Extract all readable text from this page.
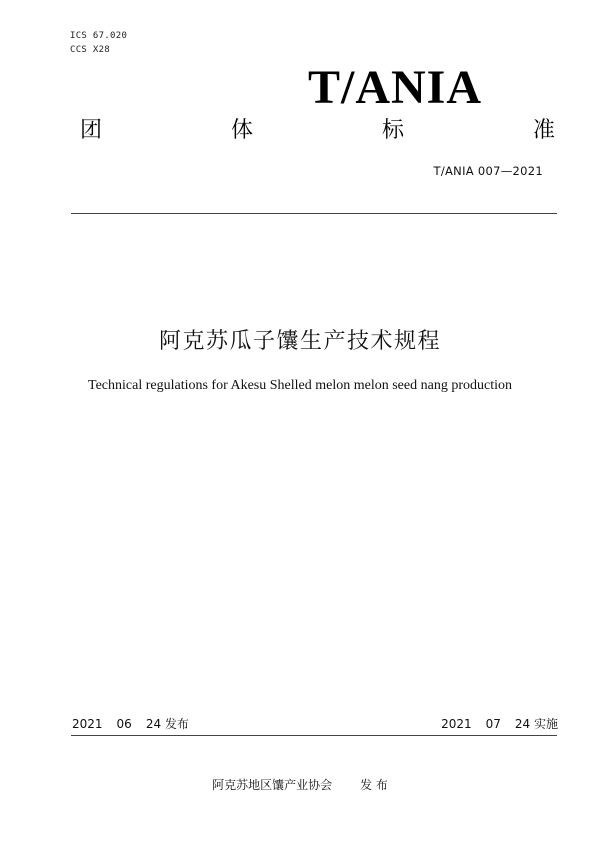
ICS 67.020
CCS X28
T/ANIA
团	体	标	准
T/ANIA 007—2021
阿克苏瓜子馕生产技术规程
Technical regulations for Akesu Shelled melon melon seed nang production
2021 06 24 发布	2021 07 24 实施
阿克苏地区馕产业协会 发 布
